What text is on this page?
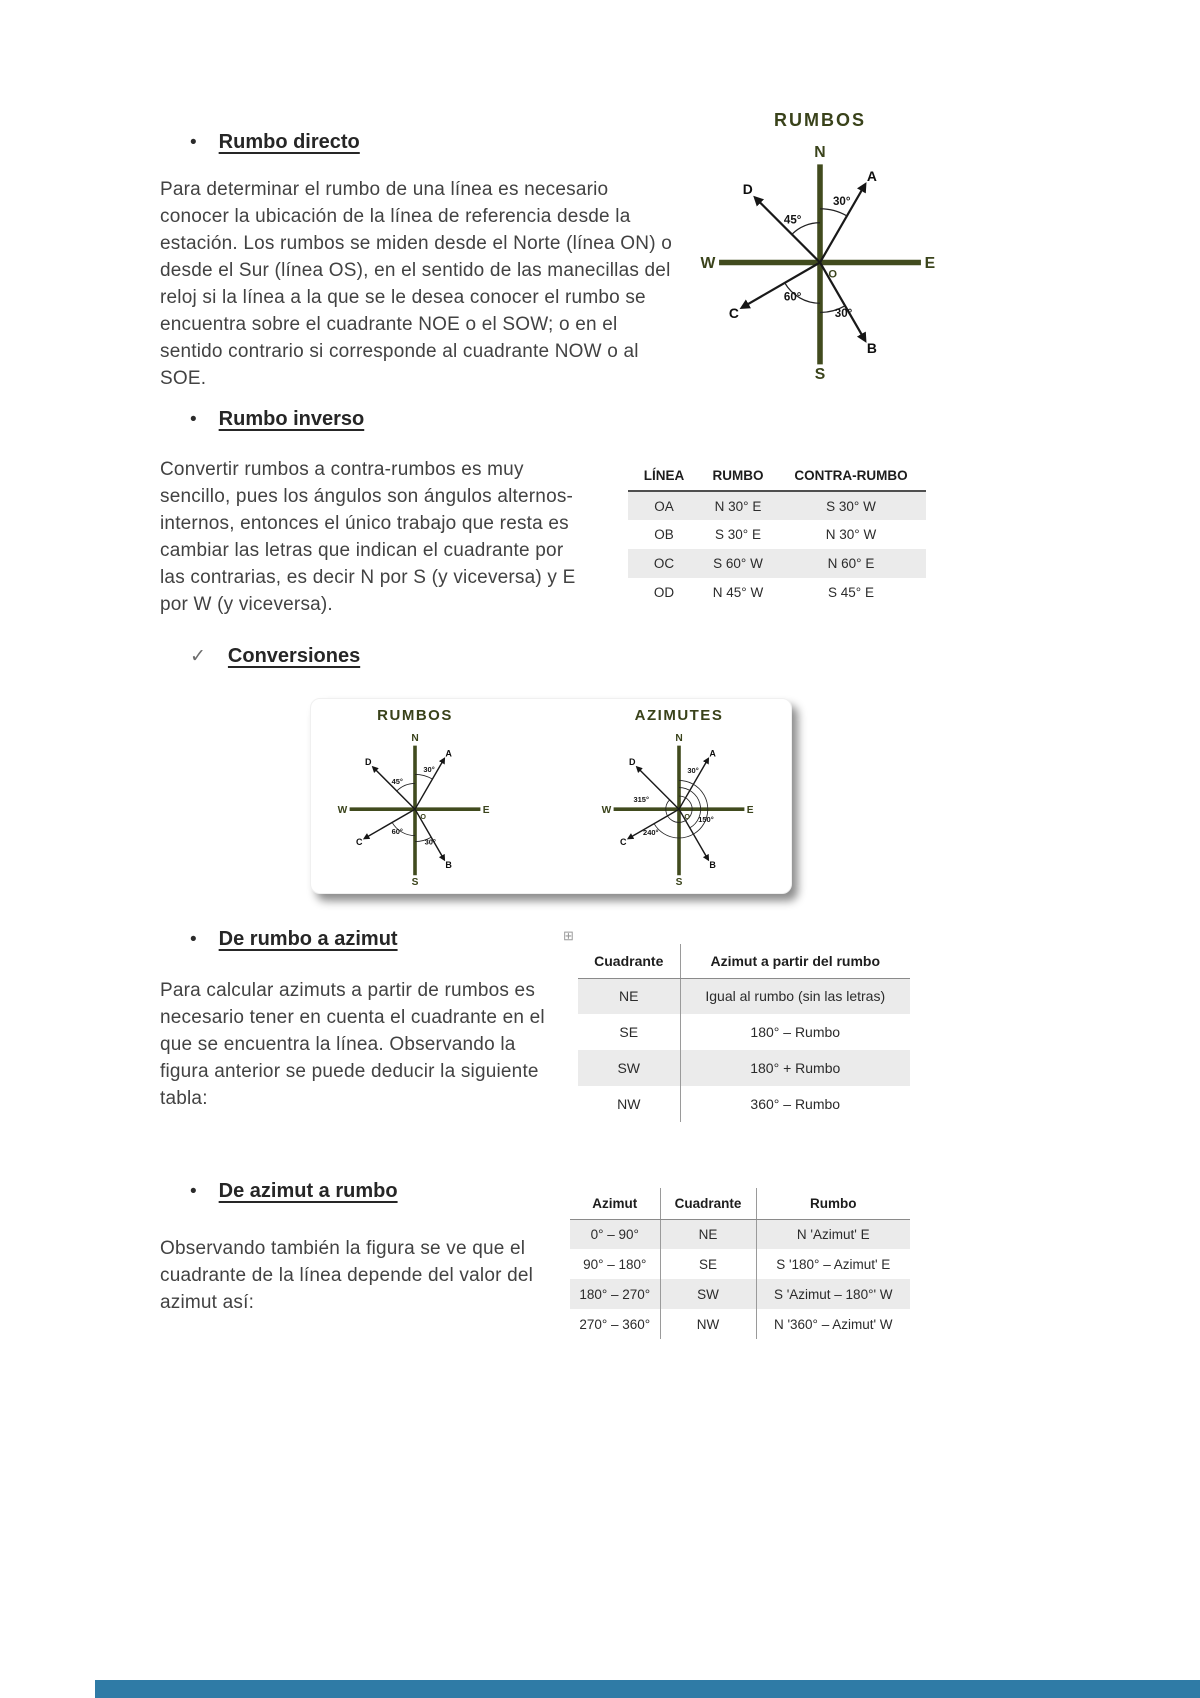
• Rumbo directo

Para determinar el rumbo de una línea es necesario conocer la ubicación de la línea de referencia desde la estación. Los rumbos se miden desde el Norte (línea ON) o desde el Sur (línea OS), en el sentido de las manecillas del reloj si la línea a la que se le desea conocer el rumbo se encuentra sobre el cuadrante NOE o el SOW; o en el sentido contrario si corresponde al cuadrante NOW o al SOE.

RUMBOS
N
S
W	E
A
D
B
C
O
30°
45°
60°
30°
• Rumbo inverso

Convertir rumbos a contra-rumbos es muy sencillo, pues los ángulos son ángulos alternos-internos, entonces el único trabajo que resta es cambiar las letras que indican el cuadrante por las contrarias, es decir N por S (y viceversa) y E por W (y viceversa).

LÍNEA	RUMBO	CONTRA-RUMBO
OA	N 30° E	S 30° W
OB	S 30° E	N 30° W
OC	S 60° W	N 60° E
OD	N 45° W	S 45° E
✓ Conversiones
RUMBOS
N
S
W	E
A
D
B
C
O
30°
45°
60°
30°
AZIMUTES
N
S
W	E
A
D
B
C
O
30°
315°
240°
150°
• De rumbo a azimut

Para calcular azimuts a partir de rumbos es necesario tener en cuenta el cuadrante en el que se encuentra la línea. Observando la figura anterior se puede deducir la siguiente tabla:

⊞
Cuadrante	Azimut a partir del rumbo
NE	Igual al rumbo (sin las letras)
SE	180° – Rumbo
SW	180° + Rumbo
NW	360° – Rumbo
• De azimut a rumbo

Observando también la figura se ve que el cuadrante de la línea depende del valor del azimut así:

Azimut	Cuadrante	Rumbo
0° – 90°	NE	N 'Azimut' E
90° – 180°	SE	S '180° – Azimut' E
180° – 270°	SW	S 'Azimut – 180°' W
270° – 360°	NW	N '360° – Azimut' W
